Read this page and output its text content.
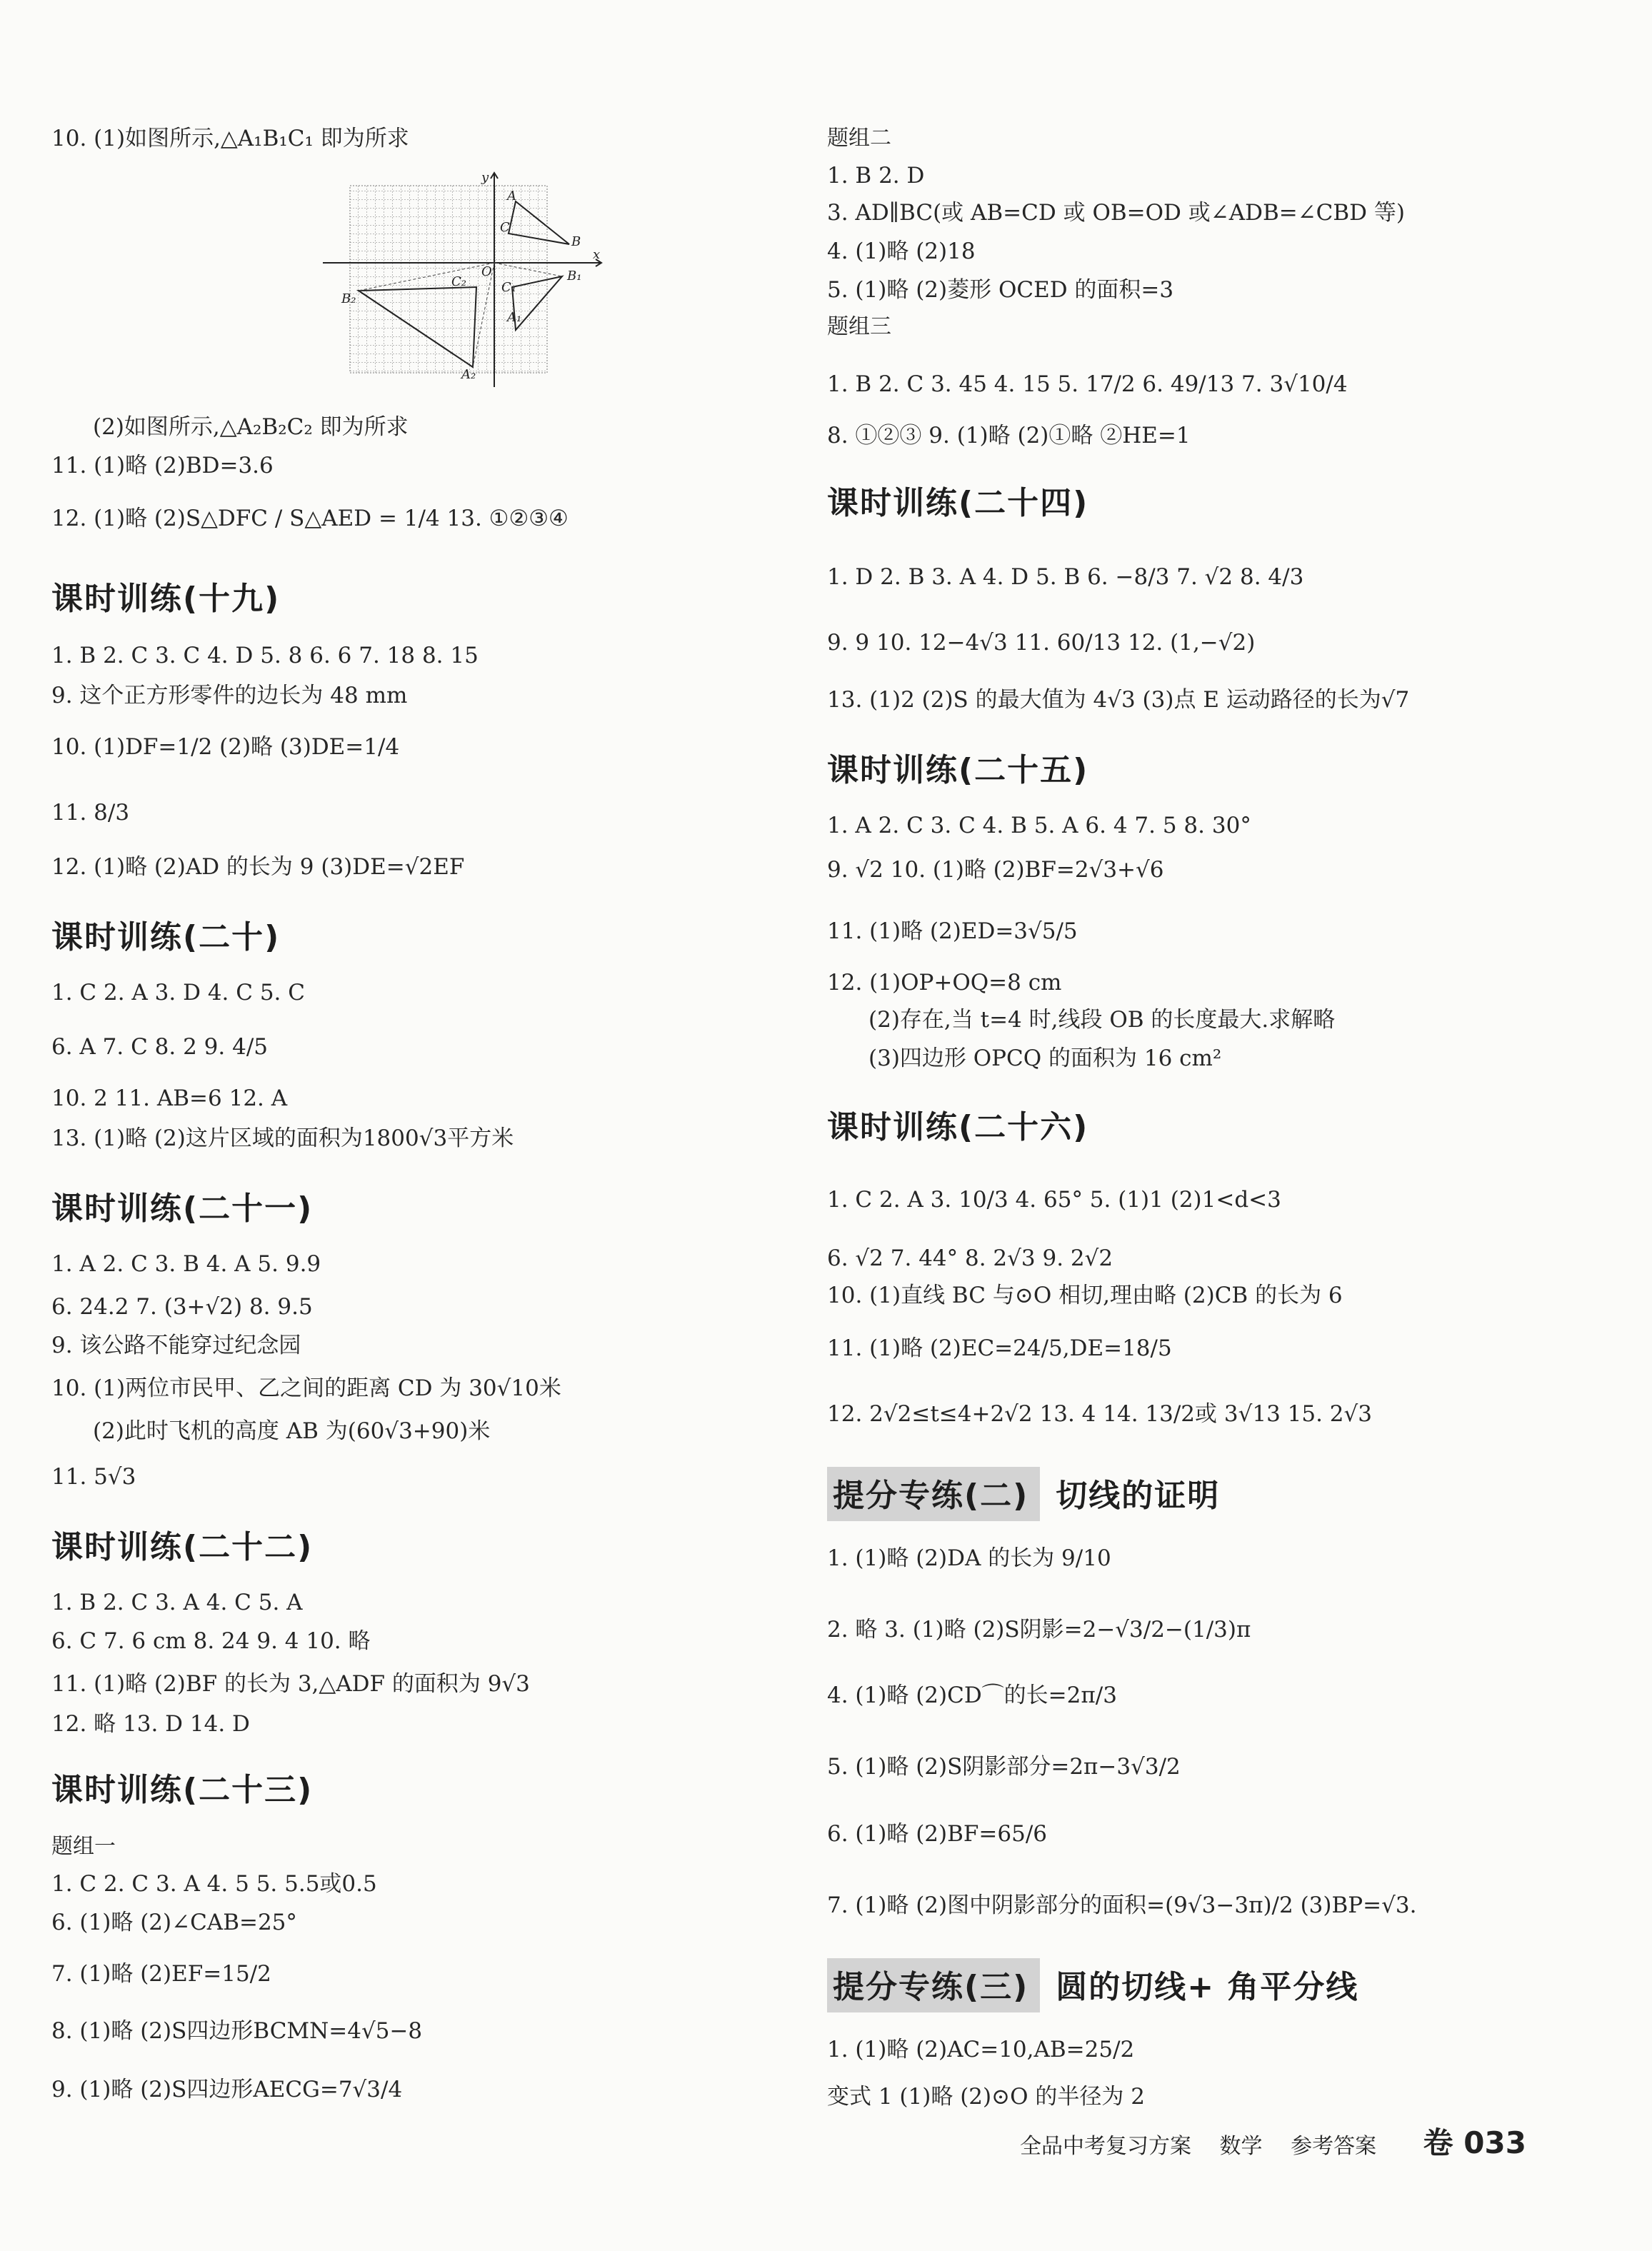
10. (1)如图所示,△A₁B₁C₁ 即为所求
x
y
O
A
B
C
A₁
B₁
C₁
A₂
B₂
C₂
(2)如图所示,△A₂B₂C₂ 即为所求
11. (1)略 (2)BD=3.6
12. (1)略 (2)S△DFC / S△AED = 1/4 13. ①②③④
课时训练(十九)
1. B 2. C 3. C 4. D 5. 8 6. 6 7. 18 8. 15
9. 这个正方形零件的边长为 48 mm
10. (1)DF=1/2 (2)略 (3)DE=1/4
11. 8/3
12. (1)略 (2)AD 的长为 9 (3)DE=√2EF
课时训练(二十)
1. C 2. A 3. D 4. C 5. C
6. A 7. C 8. 2 9. 4/5
10. 2 11. AB=6 12. A
13. (1)略 (2)这片区域的面积为1800√3平方米
课时训练(二十一)
1. A 2. C 3. B 4. A 5. 9.9
6. 24.2 7. (3+√2) 8. 9.5
9. 该公路不能穿过纪念园
10. (1)两位市民甲、乙之间的距离 CD 为 30√10米
(2)此时飞机的高度 AB 为(60√3+90)米
11. 5√3
课时训练(二十二)
1. B 2. C 3. A 4. C 5. A
6. C 7. 6 cm 8. 24 9. 4 10. 略
11. (1)略 (2)BF 的长为 3,△ADF 的面积为 9√3
12. 略 13. D 14. D
课时训练(二十三)
题组一
1. C 2. C 3. A 4. 5 5. 5.5或0.5
6. (1)略 (2)∠CAB=25°
7. (1)略 (2)EF=15/2
8. (1)略 (2)S四边形BCMN=4√5−8
9. (1)略 (2)S四边形AECG=7√3/4
题组二
1. B 2. D
3. AD∥BC(或 AB=CD 或 OB=OD 或∠ADB=∠CBD 等)
4. (1)略 (2)18
5. (1)略 (2)菱形 OCED 的面积=3
题组三
1. B 2. C 3. 45 4. 15 5. 17/2 6. 49/13 7. 3√10/4
8. ①②③ 9. (1)略 (2)①略 ②HE=1
课时训练(二十四)
1. D 2. B 3. A 4. D 5. B 6. −8/3 7. √2 8. 4/3
9. 9 10. 12−4√3 11. 60/13 12. (1,−√2)
13. (1)2 (2)S 的最大值为 4√3 (3)点 E 运动路径的长为√7
课时训练(二十五)
1. A 2. C 3. C 4. B 5. A 6. 4 7. 5 8. 30°
9. √2 10. (1)略 (2)BF=2√3+√6
11. (1)略 (2)ED=3√5/5
12. (1)OP+OQ=8 cm
(2)存在,当 t=4 时,线段 OB 的长度最大.求解略
(3)四边形 OPCQ 的面积为 16 cm²
课时训练(二十六)
1. C 2. A 3. 10/3 4. 65° 5. (1)1 (2)1<d<3
6. √2 7. 44° 8. 2√3 9. 2√2
10. (1)直线 BC 与⊙O 相切,理由略 (2)CB 的长为 6
11. (1)略 (2)EC=24/5,DE=18/5
12. 2√2≤t≤4+2√2 13. 4 14. 13/2或 3√13 15. 2√3
提分专练(二) 切线的证明
1. (1)略 (2)DA 的长为 9/10
2. 略 3. (1)略 (2)S阴影=2−√3/2−(1/3)π
4. (1)略 (2)CD⌒的长=2π/3
5. (1)略 (2)S阴影部分=2π−3√3/2
6. (1)略 (2)BF=65/6
7. (1)略 (2)图中阴影部分的面积=(9√3−3π)/2 (3)BP=√3.
提分专练(三) 圆的切线+ 角平分线
1. (1)略 (2)AC=10,AB=25/2
变式 1 (1)略 (2)⊙O 的半径为 2
全品中考复习方案 数学 参考答案 卷 033
